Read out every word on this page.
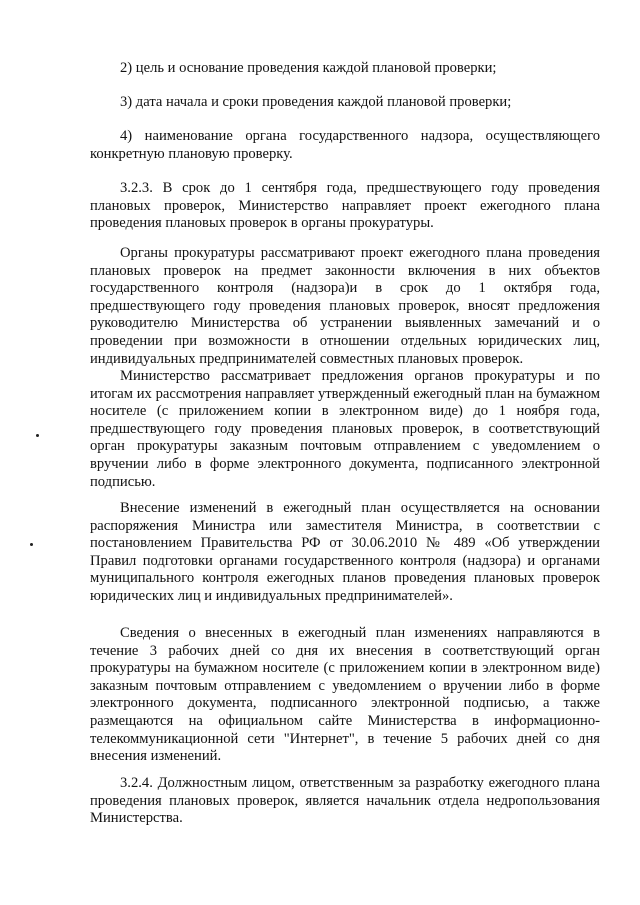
2) цель и основание проведения каждой плановой проверки;

3) дата начала и сроки проведения каждой плановой проверки;

4) наименование органа государственного надзора, осуществляющего конкретную плановую проверку.

3.2.3. В срок до 1 сентября года, предшествующего году проведения плановых проверок, Министерство направляет проект ежегодного плана проведения плановых проверок в органы прокуратуры.

Органы прокуратуры рассматривают проект ежегодного плана проведения плановых проверок на предмет законности включения в них объектов государственного контроля (надзора)и в срок до 1 октября года, предшествующего году проведения плановых проверок, вносят предложения руководителю Министерства об устранении выявленных замечаний и о проведении при возможности в отношении отдельных юридических лиц, индивидуальных предпринимателей совместных плановых проверок.

Министерство рассматривает предложения органов прокуратуры и по итогам их рассмотрения направляет утвержденный ежегодный план на бумажном носителе (с приложением копии в электронном виде) до 1 ноября года, предшествующего году проведения плановых проверок, в соответствующий орган прокуратуры заказным почтовым отправлением с уведомлением о вручении либо в форме электронного документа, подписанного электронной подписью.

Внесение изменений в ежегодный план осуществляется на основании распоряжения Министра или заместителя Министра, в соответствии с постановлением Правительства РФ от 30.06.2010 № 489 «Об утверждении Правил подготовки органами государственного контроля (надзора) и органами муниципального контроля ежегодных планов проведения плановых проверок юридических лиц и индивидуальных предпринимателей».

Сведения о внесенных в ежегодный план изменениях направляются в течение 3 рабочих дней со дня их внесения в соответствующий орган прокуратуры на бумажном носителе (с приложением копии в электронном виде) заказным почтовым отправлением с уведомлением о вручении либо в форме электронного документа, подписанного электронной подписью, а также размещаются на официальном сайте Министерства в информационно-телекоммуникационной сети "Интернет", в течение 5 рабочих дней со дня внесения изменений.

3.2.4. Должностным лицом, ответственным за разработку ежегодного плана проведения плановых проверок, является начальник отдела недропользования Министерства.
